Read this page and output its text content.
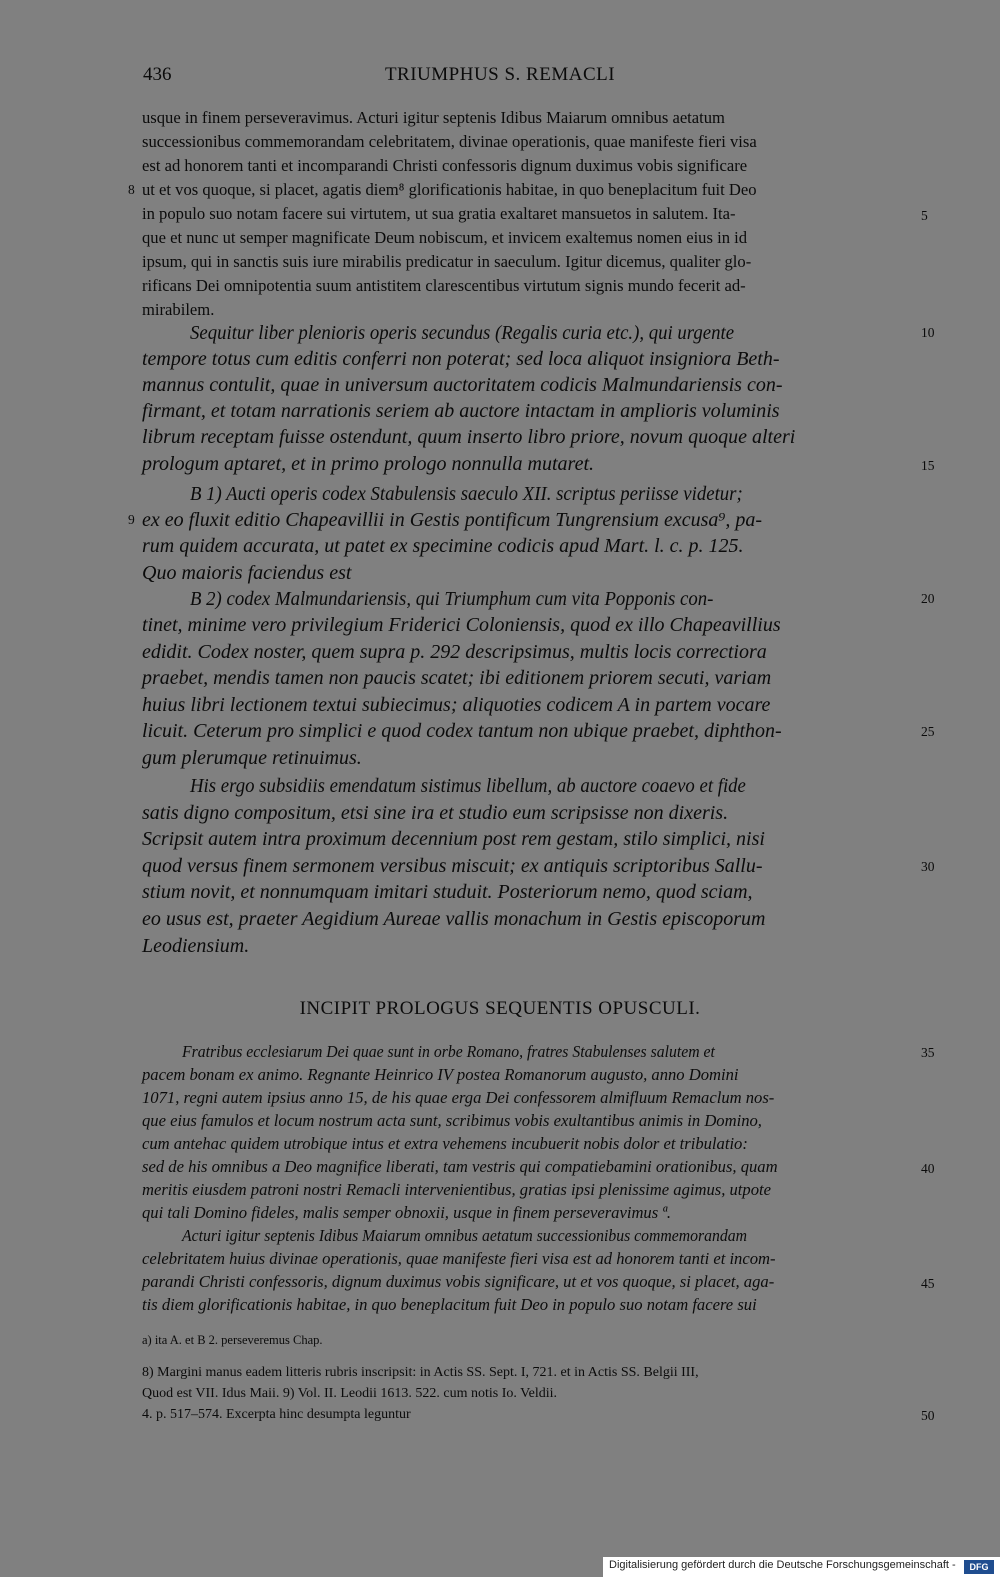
436	TRIUMPHUS S. REMACLI
usque in finem perseveravimus. Acturi igitur septenis Idibus Maiarum omnibus aetatum
successionibus commemorandam celebritatem, divinae operationis, quae manifeste fieri visa
est ad honorem tanti et incomparandi Christi confessoris dignum duximus vobis significare
ut et vos quoque, si placet, agatis diem⁸ glorificationis habitae, in quo beneplacitum fuit Deo
in populo suo notam facere sui virtutem, ut sua gratia exaltaret mansuetos in salutem. Ita-
que et nunc ut semper magnificate Deum nobiscum, et invicem exaltemus nomen eius in id
ipsum, qui in sanctis suis iure mirabilis predicatur in saeculum. Igitur dicemus, qualiter glo-
rificans Dei omnipotentia suum antistitem clarescentibus virtutum signis mundo fecerit ad-
mirabilem.
Sequitur liber plenioris operis secundus (Regalis curia etc.), qui urgente
tempore totus cum editis conferri non poterat; sed loca aliquot insigniora Beth-
mannus contulit, quae in universum auctoritatem codicis Malmundariensis con-
firmant, et totam narrationis seriem ab auctore intactam in amplioris voluminis
librum receptam fuisse ostendunt, quum inserto libro priore, novum quoque alteri
prologum aptaret, et in primo prologo nonnulla mutaret.
B 1) Aucti operis codex Stabulensis saeculo XII. scriptus periisse videtur;
ex eo fluxit editio Chapeavillii in Gestis pontificum Tungrensium excusa⁹, pa-
rum quidem accurata, ut patet ex specimine codicis apud Mart. l. c. p. 125.
Quo maioris faciendus est
B 2) codex Malmundariensis, qui Triumphum cum vita Popponis con-
tinet, minime vero privilegium Friderici Coloniensis, quod ex illo Chapeavillius
edidit. Codex noster, quem supra p. 292 descripsimus, multis locis correctiora
praebet, mendis tamen non paucis scatet; ibi editionem priorem secuti, variam
huius libri lectionem textui subiecimus; aliquoties codicem A in partem vocare
licuit. Ceterum pro simplici e quod codex tantum non ubique praebet, diphthon-
gum plerumque retinuimus.
His ergo subsidiis emendatum sistimus libellum, ab auctore coaevo et fide
satis digno compositum, etsi sine ira et studio eum scripsisse non dixeris.
Scripsit autem intra proximum decennium post rem gestam, stilo simplici, nisi
quod versus finem sermonem versibus miscuit; ex antiquis scriptoribus Sallu-
stium novit, et nonnumquam imitari studuit. Posteriorum nemo, quod sciam,
eo usus est, praeter Aegidium Aureae vallis monachum in Gestis episcoporum
Leodiensium.
INCIPIT PROLOGUS SEQUENTIS OPUSCULI.
Fratribus ecclesiarum Dei quae sunt in orbe Romano, fratres Stabulenses salutem et
pacem bonam ex animo. Regnante Heinrico IV postea Romanorum augusto, anno Domini
1071, regni autem ipsius anno 15, de his quae erga Dei confessorem almifluum Remaclum nos-
que eius famulos et locum nostrum acta sunt, scribimus vobis exultantibus animis in Domino,
cum antehac quidem utrobique intus et extra vehemens incubuerit nobis dolor et tribulatio:
sed de his omnibus a Deo magnifice liberati, tam vestris qui compatiebamini orationibus, quam
meritis eiusdem patroni nostri Remacli intervenientibus, gratias ipsi plenissime agimus, utpote
qui tali Domino fideles, malis semper obnoxii, usque in finem perseveravimus ª.
Acturi igitur septenis Idibus Maiarum omnibus aetatum successionibus commemorandam
celebritatem huius divinae operationis, quae manifeste fieri visa est ad honorem tanti et incom-
parandi Christi confessoris, dignum duximus vobis significare, ut et vos quoque, si placet, aga-
tis diem glorificationis habitae, in quo beneplacitum fuit Deo in populo suo notam facere sui
a) ita A. et B 2. perseveremus Chap.
8) Margini manus eadem litteris rubris inscripsit: in Actis SS. Sept. I, 721. et in Actis SS. Belgii III,
Quod est VII. Idus Maii. 9) Vol. II. Leodii 1613. 522. cum notis Io. Veldii.
4. p. 517–574. Excerpta hinc desumpta leguntur
5
10
15
20
25
30
35
40
45
50
8
9
Digitalisierung gefördert durch die Deutsche Forschungsgemeinschaft -	DFG
